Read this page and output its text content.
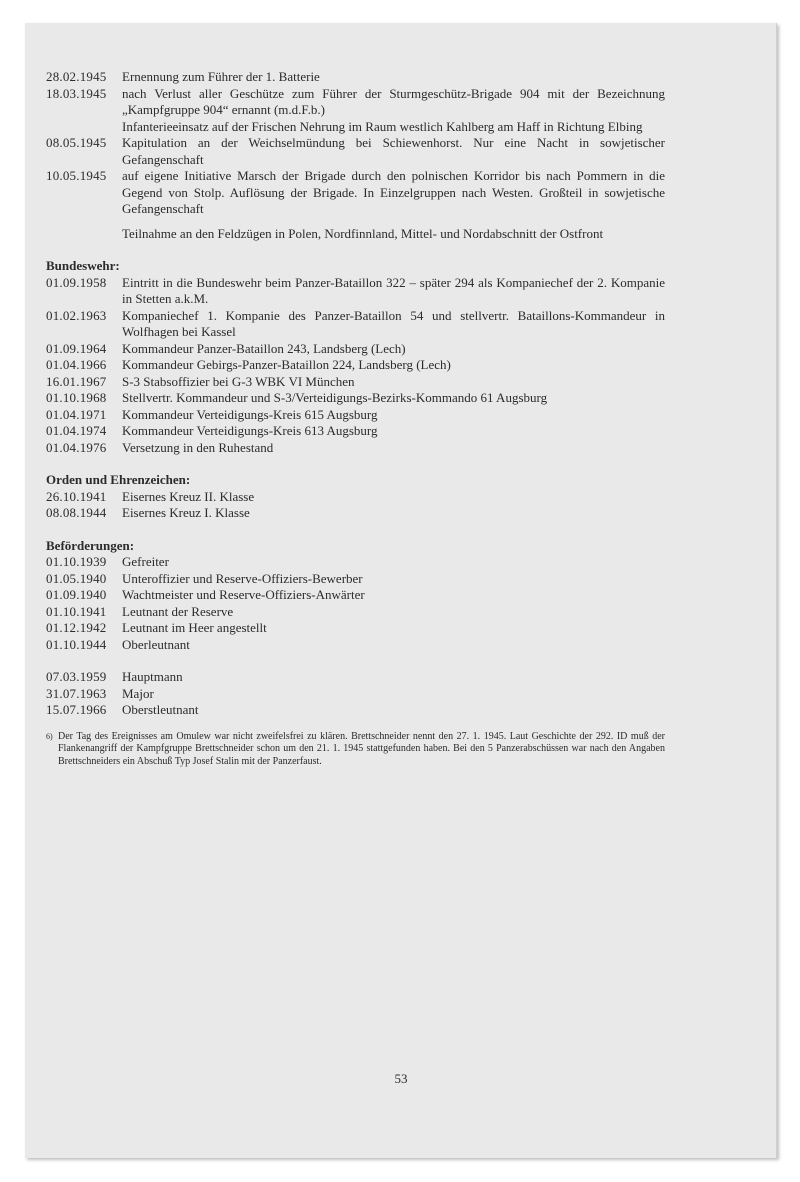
28.02.1945	Ernennung zum Führer der 1. Batterie
18.03.1945	nach Verlust aller Geschütze zum Führer der Sturmgeschütz-Brigade 904 mit der Bezeichnung „Kampfgruppe 904“ ernannt (m.d.F.b.)
Infanterieeinsatz auf der Frischen Nehrung im Raum westlich Kahlberg am Haff in Richtung Elbing
08.05.1945	Kapitulation an der Weichselmündung bei Schiewenhorst. Nur eine Nacht in sowjetischer Gefangenschaft
10.05.1945	auf eigene Initiative Marsch der Brigade durch den polnischen Korridor bis nach Pommern in die Gegend von Stolp. Auflösung der Brigade. In Einzelgruppen nach Westen. Großteil in sowjetische Gefangenschaft
Teilnahme an den Feldzügen in Polen, Nordfinnland, Mittel- und Nordabschnitt der Ostfront
Bundeswehr:
01.09.1958	Eintritt in die Bundeswehr beim Panzer-Bataillon 322 – später 294 als Kompaniechef der 2. Kompanie in Stetten a.k.M.
01.02.1963	Kompaniechef 1. Kompanie des Panzer-Bataillon 54 und stellvertr. Bataillons-Kommandeur in Wolfhagen bei Kassel
01.09.1964	Kommandeur Panzer-Bataillon 243, Landsberg (Lech)
01.04.1966	Kommandeur Gebirgs-Panzer-Bataillon 224, Landsberg (Lech)
16.01.1967	S-3 Stabsoffizier bei G-3 WBK VI München
01.10.1968	Stellvertr. Kommandeur und S-3/Verteidigungs-Bezirks-Kommando 61 Augsburg
01.04.1971	Kommandeur Verteidigungs-Kreis 615 Augsburg
01.04.1974	Kommandeur Verteidigungs-Kreis 613 Augsburg
01.04.1976	Versetzung in den Ruhestand
Orden und Ehrenzeichen:
26.10.1941	Eisernes Kreuz II. Klasse
08.08.1944	Eisernes Kreuz I. Klasse
Beförderungen:
01.10.1939	Gefreiter
01.05.1940	Unteroffizier und Reserve-Offiziers-Bewerber
01.09.1940	Wachtmeister und Reserve-Offiziers-Anwärter
01.10.1941	Leutnant der Reserve
01.12.1942	Leutnant im Heer angestellt
01.10.1944	Oberleutnant
07.03.1959	Hauptmann
31.07.1963	Major
15.07.1966	Oberstleutnant
6) Der Tag des Ereignisses am Omulew war nicht zweifelsfrei zu klären. Brettschneider nennt den 27. 1. 1945. Laut Geschichte der 292. ID muß der Flankenangriff der Kampfgruppe Brettschneider schon um den 21. 1. 1945 stattgefunden haben. Bei den 5 Panzerabschüssen war nach den Angaben Brettschneiders ein Abschuß Typ Josef Stalin mit der Panzerfaust.
53
